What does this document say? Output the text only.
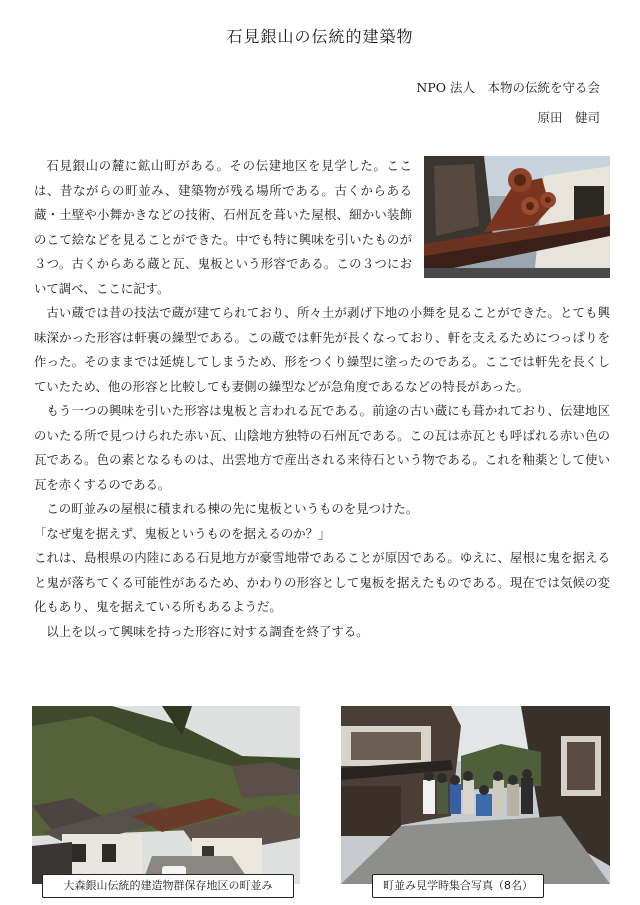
石見銀山の伝統的建築物
NPO 法人　本物の伝統を守る会
原田　健司

石見銀山の麓に鉱山町がある。その伝建地区を見学した。ここは、昔ながらの町並み、建築物が残る場所である。古くからある蔵・土壁や小舞かきなどの技術、石州瓦を葺いた屋根、細かい装飾のこて絵などを見ることができた。中でも特に興味を引いたものが３つ。古くからある蔵と瓦、鬼板という形容である。この３つにおいて調べ、ここに記す。

古い蔵では昔の技法で蔵が建てられており、所々土が剥げ下地の小舞を見ることができた。とても興味深かった形容は軒裏の繰型である。この蔵では軒先が長くなっており、軒を支えるためにつっぱりを作った。そのままでは延焼してしまうため、形をつくり繰型に塗ったのである。ここでは軒先を長くしていたため、他の形容と比較しても妻側の繰型などが急角度であるなどの特長があった。

もう一つの興味を引いた形容は鬼板と言われる瓦である。前途の古い蔵にも葺かれており、伝建地区のいたる所で見つけられた赤い瓦、山陰地方独特の石州瓦である。この瓦は赤瓦とも呼ばれる赤い色の瓦である。色の素となるものは、出雲地方で産出される来待石という物である。これを釉薬として使い瓦を赤くするのである。

この町並みの屋根に積まれる棟の先に鬼板というものを見つけた。

「なぜ鬼を据えず、鬼板というものを据えるのか？」

これは、島根県の内陸にある石見地方が豪雪地帯であることが原因である。ゆえに、屋根に鬼を据えると鬼が落ちてくる可能性があるため、かわりの形容として鬼板を据えたものである。現在では気候の変化もあり、鬼を据えている所もあるようだ。

以上を以って興味を持った形容に対する調査を終了する。

大森銀山伝統的建造物群保存地区の町並み	町並み見学時集合写真（8名）
